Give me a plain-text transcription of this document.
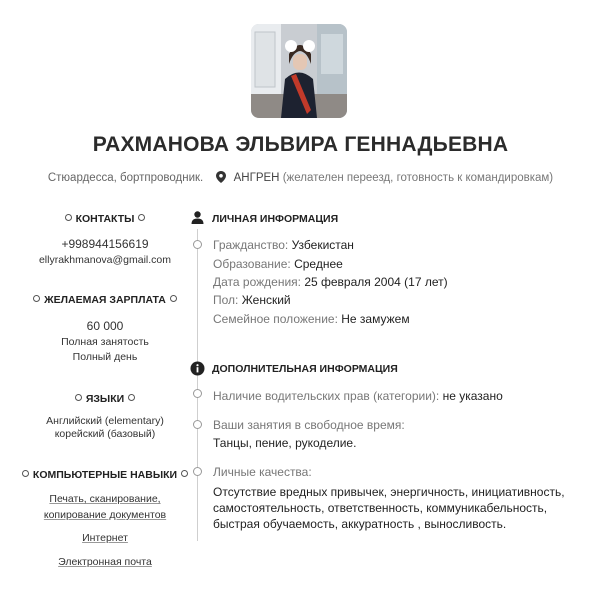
РАХМАНОВА ЭЛЬВИРА ГЕННАДЬЕВНА
Стюардесса, бортпроводник.	АНГРЕН (желателен переезд, готовность к командировкам)
КОНТАКТЫ
+998944156619
ellyrakhmanova@gmail.com
ЖЕЛАЕМАЯ ЗАРПЛАТА
60 000
Полная занятость
Полный день
ЯЗЫКИ
Английский (elementary)
корейский (базовый)
КОМПЬЮТЕРНЫЕ НАВЫКИ
Печать, сканирование,
копирование документов
Интернет
Электронная почта
ЛИЧНАЯ ИНФОРМАЦИЯ
Гражданство: Узбекистан
Образование: Среднее
Дата рождения: 25 февраля 2004 (17 лет)
Пол: Женский
Семейное положение: Не замужем
ДОПОЛНИТЕЛЬНАЯ ИНФОРМАЦИЯ
Наличие водительских прав (категории): не указано
Ваши занятия в свободное время:
Танцы, пение, рукоделие.
Личные качества:
Отсутствие вредных привычек, энергичность, инициативность,
самостоятельность, ответственность, коммуникабельность,
быстрая обучаемость, аккуратность , выносливость.
